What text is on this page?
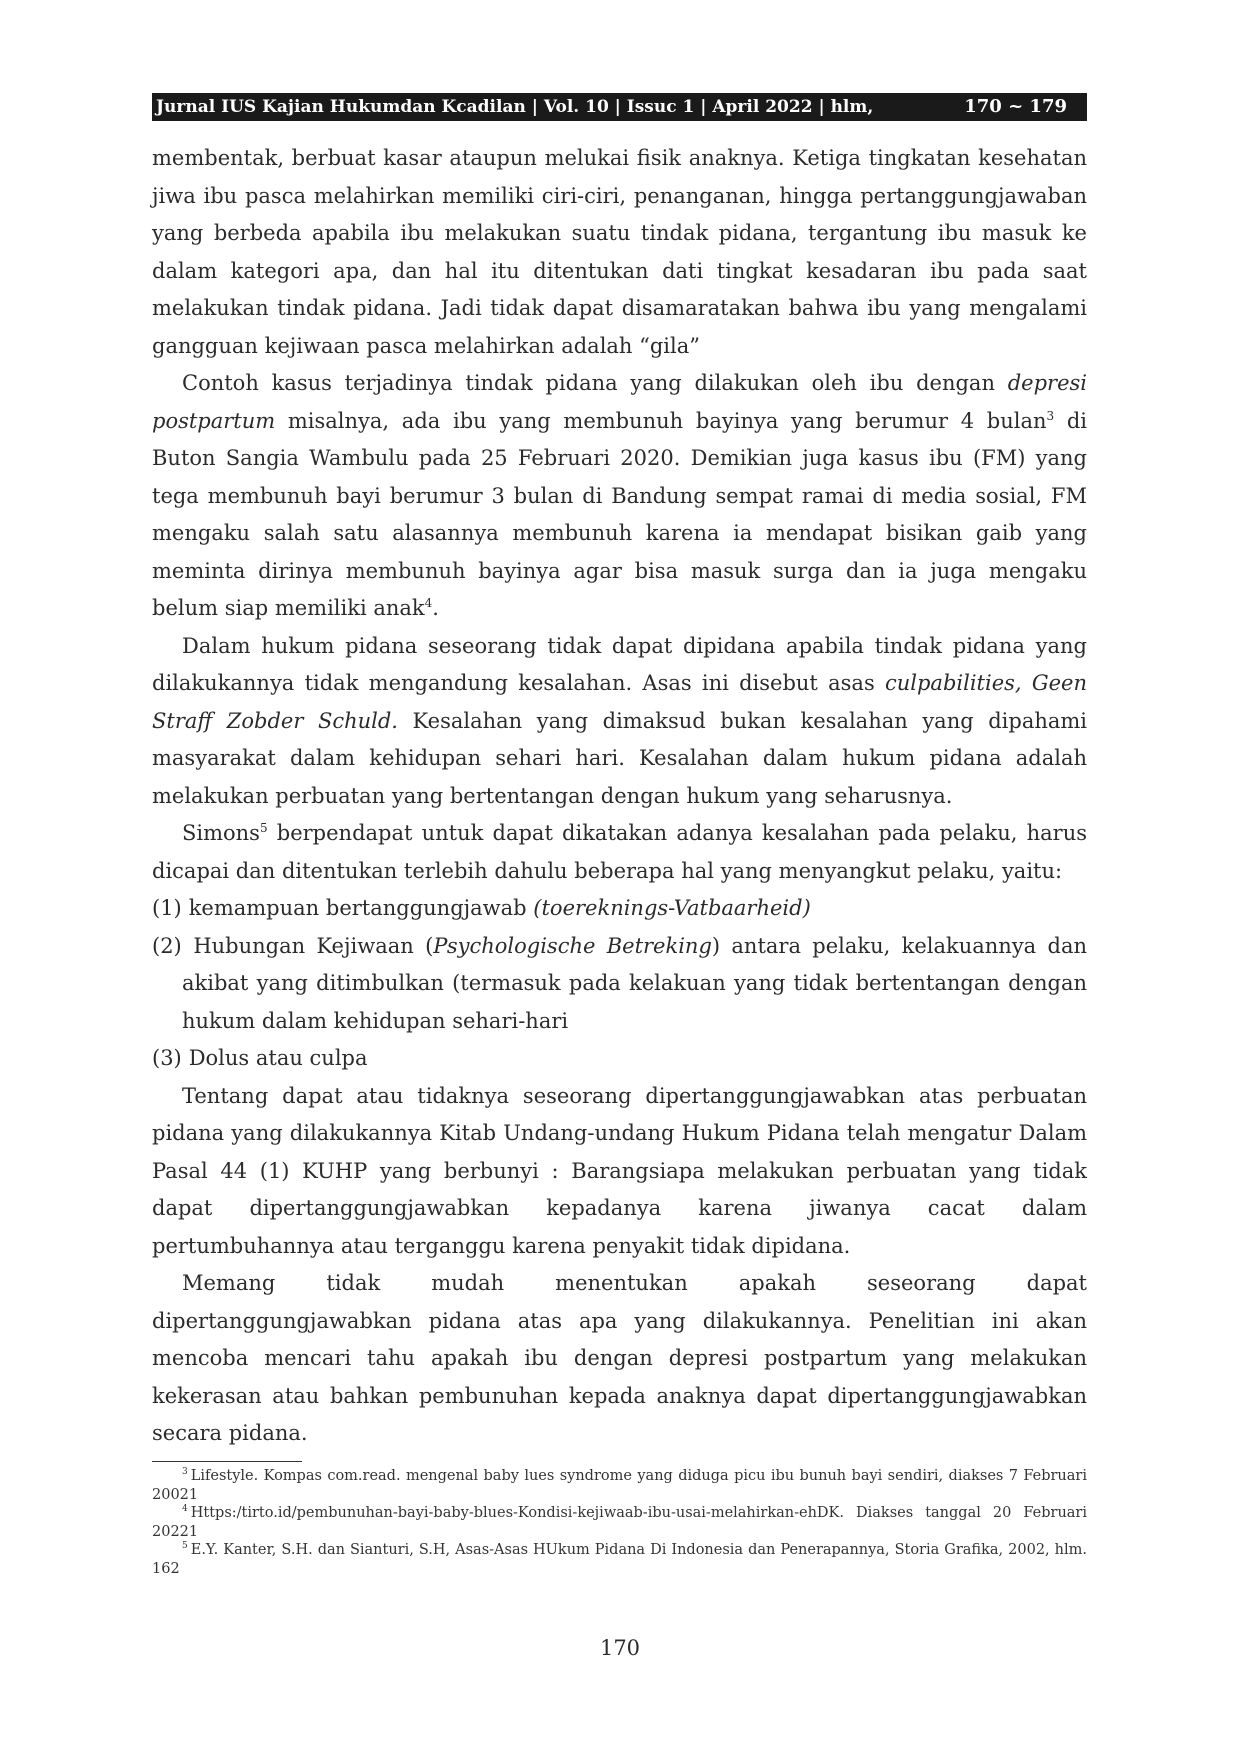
Jurnal IUS Kajian Hukumdan Kcadilan | Vol. 10 | Issuc 1 | April 2022 | hlm,	170 ~ 179

membentak, berbuat kasar ataupun melukai fisik anaknya. Ketiga tingkatan kesehatan jiwa ibu pasca melahirkan memiliki ciri-ciri, penanganan, hingga pertanggungjawaban yang berbeda apabila ibu melakukan suatu tindak pidana, tergantung ibu masuk ke dalam kategori apa, dan hal itu ditentukan dati tingkat kesadaran ibu pada saat melakukan tindak pidana. Jadi tidak dapat disamaratakan bahwa ibu yang mengalami gangguan kejiwaan pasca melahirkan adalah “gila”

Contoh kasus terjadinya tindak pidana yang dilakukan oleh ibu dengan depresi postpartum misalnya, ada ibu yang membunuh bayinya yang berumur 4 bulan$^3$ di Buton Sangia Wambulu pada 25 Februari 2020. Demikian juga kasus ibu (FM) yang tega membunuh bayi berumur 3 bulan di Bandung sempat ramai di media sosial, FM mengaku salah satu alasannya membunuh karena ia mendapat bisikan gaib yang meminta dirinya membunuh bayinya agar bisa masuk surga dan ia juga mengaku belum siap memiliki anak$^4$.

Dalam hukum pidana seseorang tidak dapat dipidana apabila tindak pidana yang dilakukannya tidak mengandung kesalahan. Asas ini disebut asas culpabilities, Geen Straff Zobder Schuld. Kesalahan yang dimaksud bukan kesalahan yang dipahami masyarakat dalam kehidupan sehari hari. Kesalahan dalam hukum pidana adalah melakukan perbuatan yang bertentangan dengan hukum yang seharusnya.

Simons$^5$ berpendapat untuk dapat dikatakan adanya kesalahan pada pelaku, harus dicapai dan ditentukan terlebih dahulu beberapa hal yang menyangkut pelaku, yaitu:

(1) kemampuan bertanggungjawab (toereknings-Vatbaarheid)

(2) Hubungan Kejiwaan (Psychologische Betreking) antara pelaku, kelakuannya dan akibat yang ditimbulkan (termasuk pada kelakuan yang tidak bertentangan dengan hukum dalam kehidupan sehari-hari

(3) Dolus atau culpa

Tentang dapat atau tidaknya seseorang dipertanggungjawabkan atas perbuatan pidana yang dilakukannya Kitab Undang-undang Hukum Pidana telah mengatur Dalam Pasal 44 (1) KUHP yang berbunyi : Barangsiapa melakukan perbuatan yang tidak dapat dipertanggungjawabkan kepadanya karena jiwanya cacat dalam pertumbuhannya atau terganggu karena penyakit tidak dipidana.

Memang tidak mudah menentukan apakah seseorang dapat dipertanggungjawabkan pidana atas apa yang dilakukannya. Penelitian ini akan mencoba mencari tahu apakah ibu dengan depresi postpartum yang melakukan kekerasan atau bahkan pembunuhan kepada anaknya dapat dipertanggungjawabkan secara pidana.

$^3$ Lifestyle. Kompas com.read. mengenal baby lues syndrome yang diduga picu ibu bunuh bayi sendiri, diakses 7 Februari 20021

$^4$ Https:/tirto.id/pembunuhan-bayi-baby-blues-Kondisi-kejiwaab-ibu-usai-melahirkan-ehDK. Diakses tanggal 20 Februari 20221

$^5$ E.Y. Kanter, S.H. dan Sianturi, S.H, Asas-Asas HUkum Pidana Di Indonesia dan Penerapannya, Storia Grafika, 2002, hlm. 162

170
